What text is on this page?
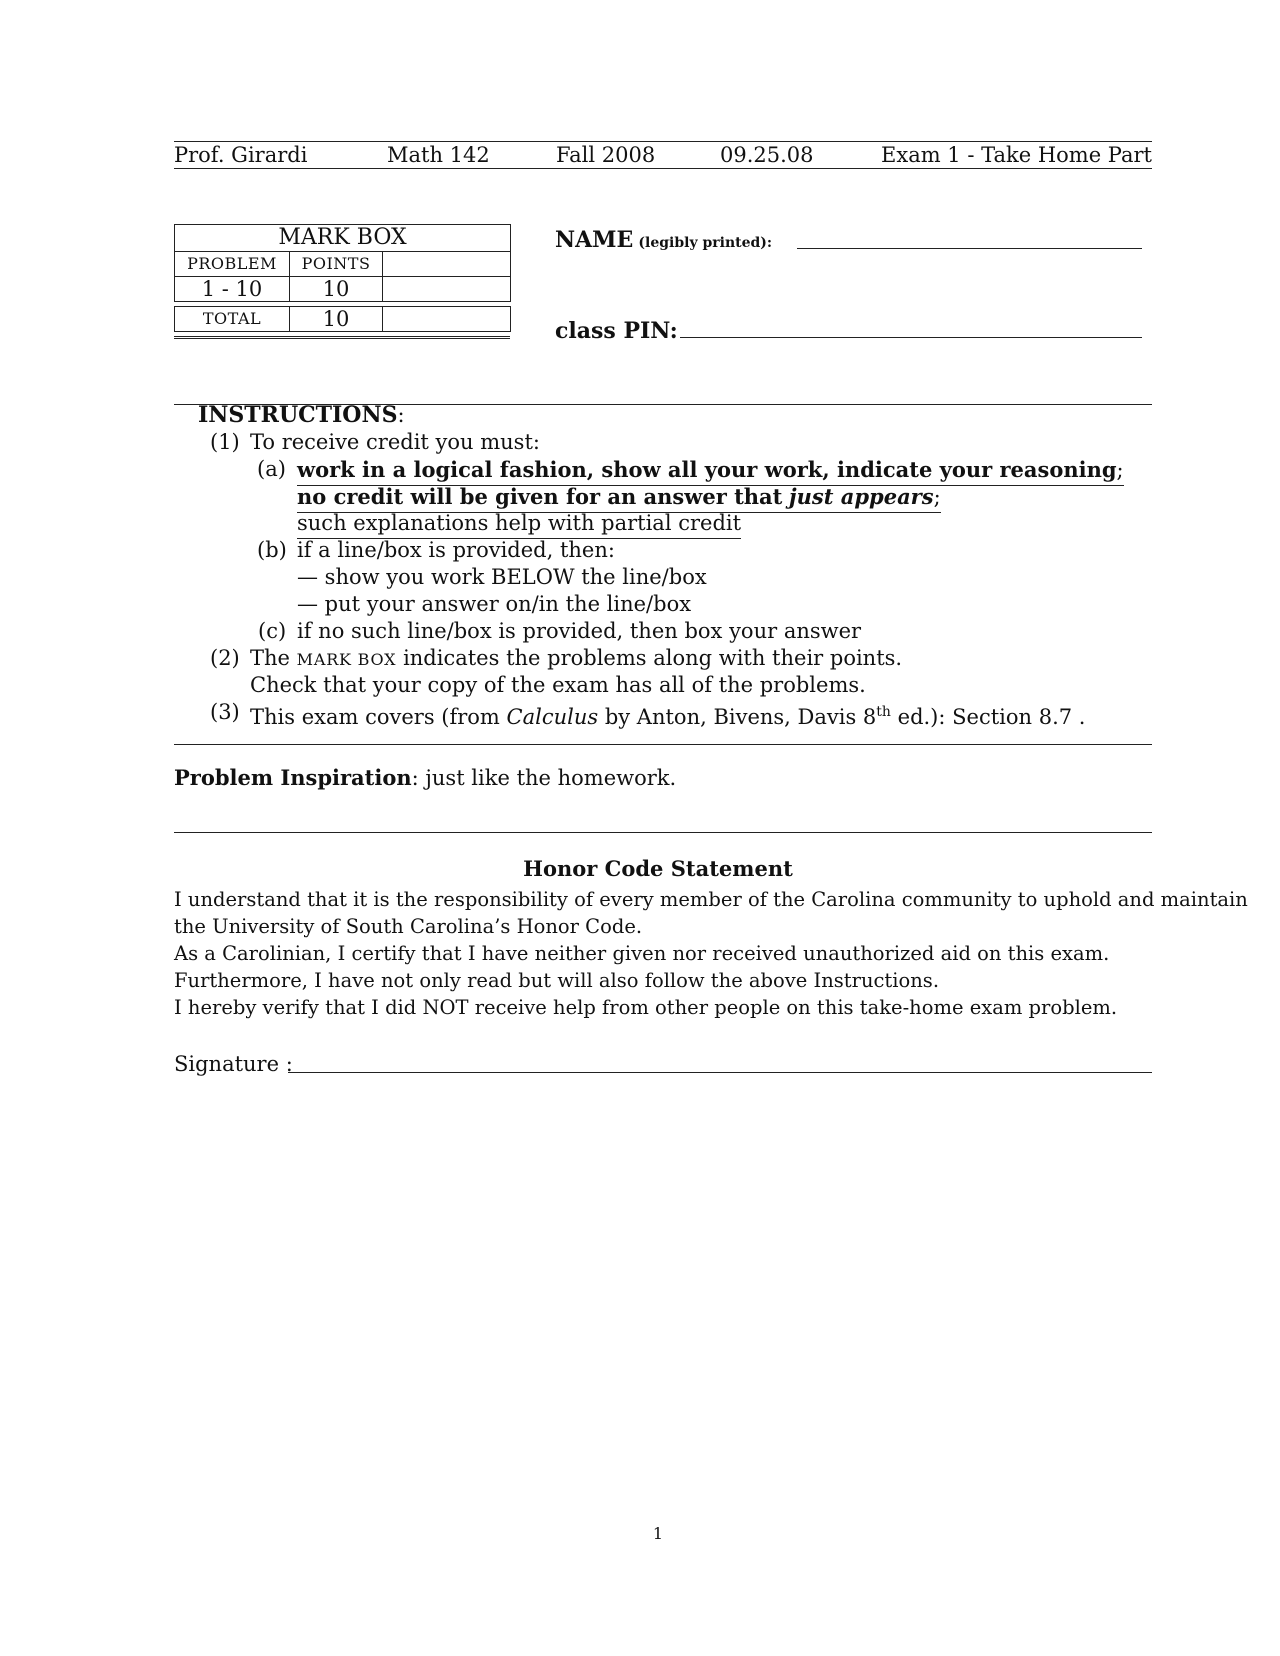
Prof. Girardi	Math 142	Fall 2008	09.25.08	Exam 1 - Take Home Part
MARK BOX		
PROBLEM	POINTS	
1 - 10	10	
TOTAL	10	
NAME (legibly printed):
class PIN:
INSTRUCTIONS:
(1) To receive credit you must:
(a) work in a logical fashion, show all your work, indicate your reasoning;
no credit will be given for an answer that just appears;
such explanations help with partial credit
(b) if a line/box is provided, then:
— show you work BELOW the line/box
— put your answer on/in the line/box
(c) if no such line/box is provided, then box your answer
(2) The MARK BOX indicates the problems along with their points.
Check that your copy of the exam has all of the problems.
(3) This exam covers (from Calculus by Anton, Bivens, Davis 8th ed.): Section 8.7 .
Problem Inspiration: just like the homework.
Honor Code Statement
I understand that it is the responsibility of every member of the Carolina community to uphold and maintain
the University of South Carolina’s Honor Code.
As a Carolinian, I certify that I have neither given nor received unauthorized aid on this exam.
Furthermore, I have not only read but will also follow the above Instructions.
I hereby verify that I did NOT receive help from other people on this take-home exam problem.
Signature :
1
